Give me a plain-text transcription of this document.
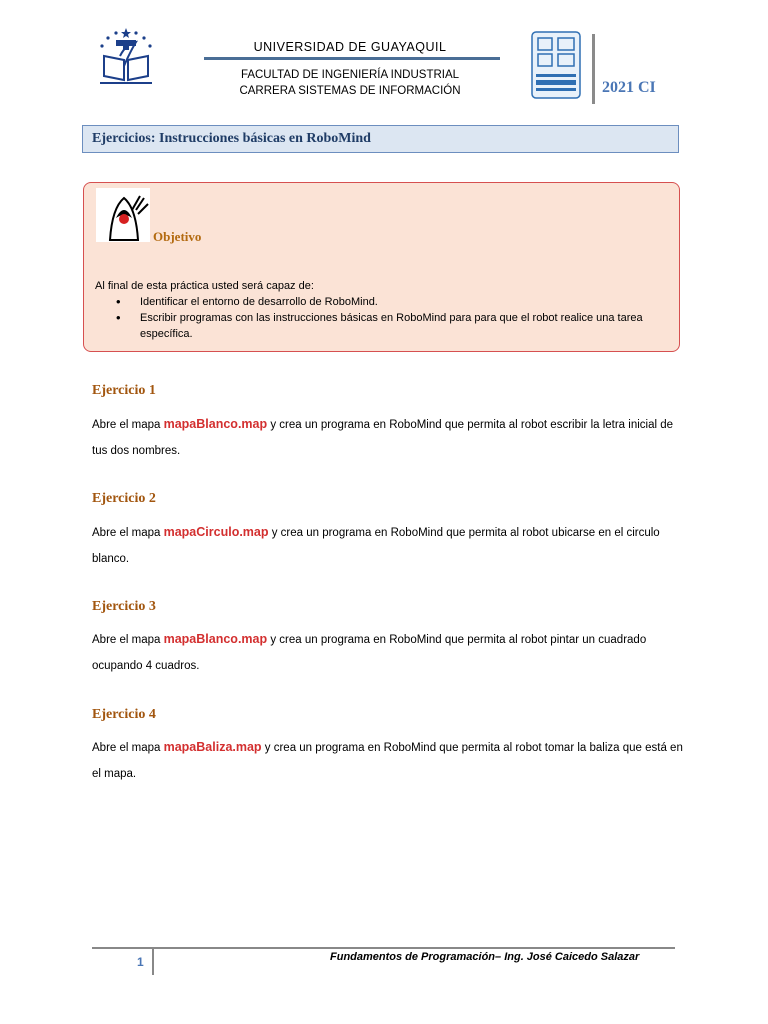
UNIVERSIDAD DE GUAYAQUIL
FACULTAD DE INGENIERÍA INDUSTRIAL
CARRERA SISTEMAS DE INFORMACIÓN	2021 CI
Ejercicios: Instrucciones básicas en RoboMind
Objetivo
Al final de esta práctica usted será capaz de:
• Identificar el entorno de desarrollo de RoboMind.
• Escribir programas con las instrucciones básicas en RoboMind para para que el robot realice una tarea específica.
Ejercicio 1
Abre el mapa mapaBlanco.map y crea un programa en RoboMind que permita al robot escribir la letra inicial de tus dos nombres.
Ejercicio 2
Abre el mapa mapaCirculo.map y crea un programa en RoboMind que permita al robot ubicarse en el circulo blanco.
Ejercicio 3
Abre el mapa mapaBlanco.map y crea un programa en RoboMind que permita al robot pintar un cuadrado ocupando 4 cuadros.
Ejercicio 4
Abre el mapa mapaBaliza.map y crea un programa en RoboMind que permita al robot tomar la baliza que está en el mapa.
1	Fundamentos de Programación– Ing. José Caicedo Salazar
